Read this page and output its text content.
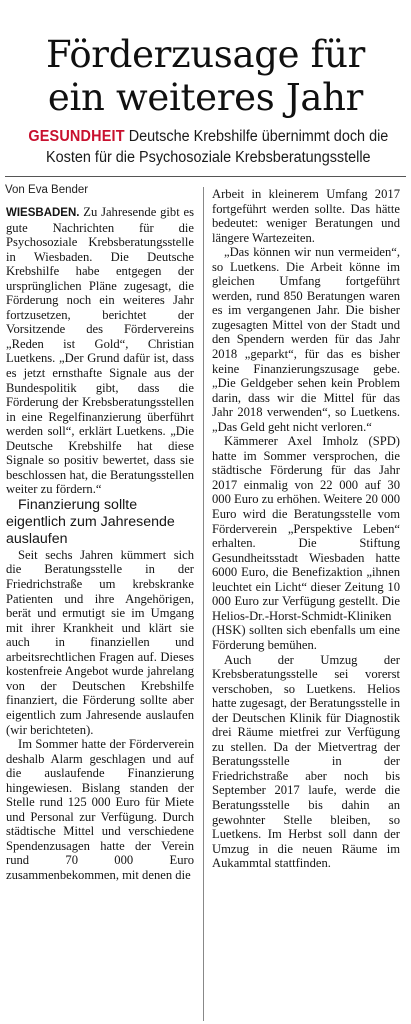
Förderzusage für
ein weiteres Jahr
GESUNDHEIT Deutsche Krebshilfe übernimmt doch die Kosten für die Psychosoziale Krebsberatungsstelle
Von Eva Bender

WIESBADEN. Zu Jahresende gibt es gute Nachrichten für die Psychosoziale Krebsberatungsstelle in Wiesbaden. Die Deutsche Krebshilfe habe entgegen der ursprünglichen Pläne zugesagt, die Förderung noch ein weiteres Jahr fortzusetzen, berichtet der Vorsitzende des Fördervereins „Reden ist Gold“, Christian Luetkens. „Der Grund dafür ist, dass es jetzt ernsthafte Signale aus der Bundespolitik gibt, dass die Förderung der Krebsberatungsstellen in eine Regelfinanzierung überführt werden soll“, erklärt Luetkens. „Die Deutsche Krebshilfe hat diese Signale so positiv bewertet, dass sie beschlossen hat, die Beratungsstellen weiter zu fördern.“

Finanzierung sollte eigentlich zum Jahresende auslaufen

Seit sechs Jahren kümmert sich die Beratungsstelle in der Friedrichstraße um krebskranke Patienten und ihre Angehörigen, berät und ermutigt sie im Umgang mit ihrer Krankheit und klärt sie auch in finanziellen und arbeitsrechtlichen Fragen auf. Dieses kostenfreie Angebot wurde jahrelang von der Deutschen Krebshilfe finanziert, die Förderung sollte aber eigentlich zum Jahresende auslaufen (wir berichteten).

Im Sommer hatte der Förderverein deshalb Alarm geschlagen und auf die auslaufende Finanzierung hingewiesen. Bislang standen der Stelle rund 125 000 Euro für Miete und Personal zur Verfügung. Durch städtische Mittel und verschiedene Spendenzusagen hatte der Verein rund 70 000 Euro zusammenbekommen, mit denen die

Arbeit in kleinerem Umfang 2017 fortgeführt werden sollte. Das hätte bedeutet: weniger Beratungen und längere Wartezeiten.

„Das können wir nun vermeiden“, so Luetkens. Die Arbeit könne im gleichen Umfang fortgeführt werden, rund 850 Beratungen waren es im vergangenen Jahr. Die bisher zugesagten Mittel von der Stadt und den Spendern werden für das Jahr 2018 „geparkt“, für das es bisher keine Finanzierungszusage gebe. „Die Geldgeber sehen kein Problem darin, dass wir die Mittel für das Jahr 2018 verwenden“, so Luetkens. „Das Geld geht nicht verloren.“

Kämmerer Axel Imholz (SPD) hatte im Sommer versprochen, die städtische Förderung für das Jahr 2017 einmalig von 22 000 auf 30 000 Euro zu erhöhen. Weitere 20 000 Euro wird die Beratungsstelle vom Förderverein „Perspektive Leben“ erhalten. Die Stiftung Gesundheitsstadt Wiesbaden hatte 6000 Euro, die Benefizaktion „ihnen leuchtet ein Licht“ dieser Zeitung 10 000 Euro zur Verfügung gestellt. Die Helios-Dr.-Horst-Schmidt-Kliniken (HSK) sollten sich ebenfalls um eine Förderung bemühen.

Auch der Umzug der Krebsberatungsstelle sei vorerst verschoben, so Luetkens. Helios hatte zugesagt, der Beratungsstelle in der Deutschen Klinik für Diagnostik drei Räume mietfrei zur Verfügung zu stellen. Da der Mietvertrag der Beratungsstelle in der Friedrichstraße aber noch bis September 2017 laufe, werde die Beratungsstelle bis dahin an gewohnter Stelle bleiben, so Luetkens. Im Herbst soll dann der Umzug in die neuen Räume im Aukammtal stattfinden.
